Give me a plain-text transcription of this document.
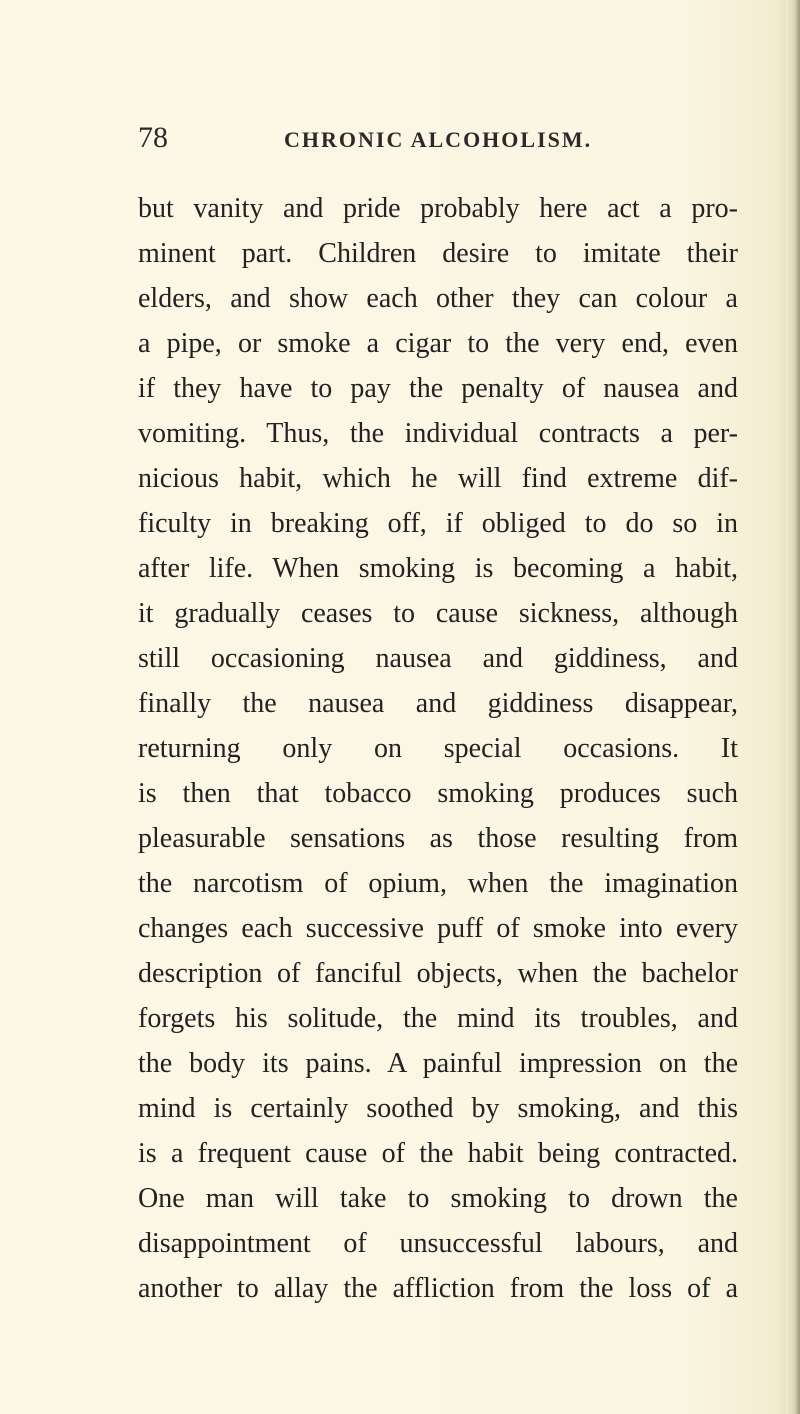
78	CHRONIC ALCOHOLISM.
but vanity and pride probably here act a pro-
minent part. Children desire to imitate their
elders, and show each other they can colour a
a pipe, or smoke a cigar to the very end, even
if they have to pay the penalty of nausea and
vomiting. Thus, the individual contracts a per-
nicious habit, which he will find extreme dif-
ficulty in breaking off, if obliged to do so in
after life. When smoking is becoming a habit,
it gradually ceases to cause sickness, although
still occasioning nausea and giddiness, and
finally the nausea and giddiness disappear,
returning only on special occasions. It
is then that tobacco smoking produces such
pleasurable sensations as those resulting from
the narcotism of opium, when the imagination
changes each successive puff of smoke into every
description of fanciful objects, when the bachelor
forgets his solitude, the mind its troubles, and
the body its pains. A painful impression on the
mind is certainly soothed by smoking, and this
is a frequent cause of the habit being contracted.
One man will take to smoking to drown the
disappointment of unsuccessful labours, and
another to allay the affliction from the loss of a
